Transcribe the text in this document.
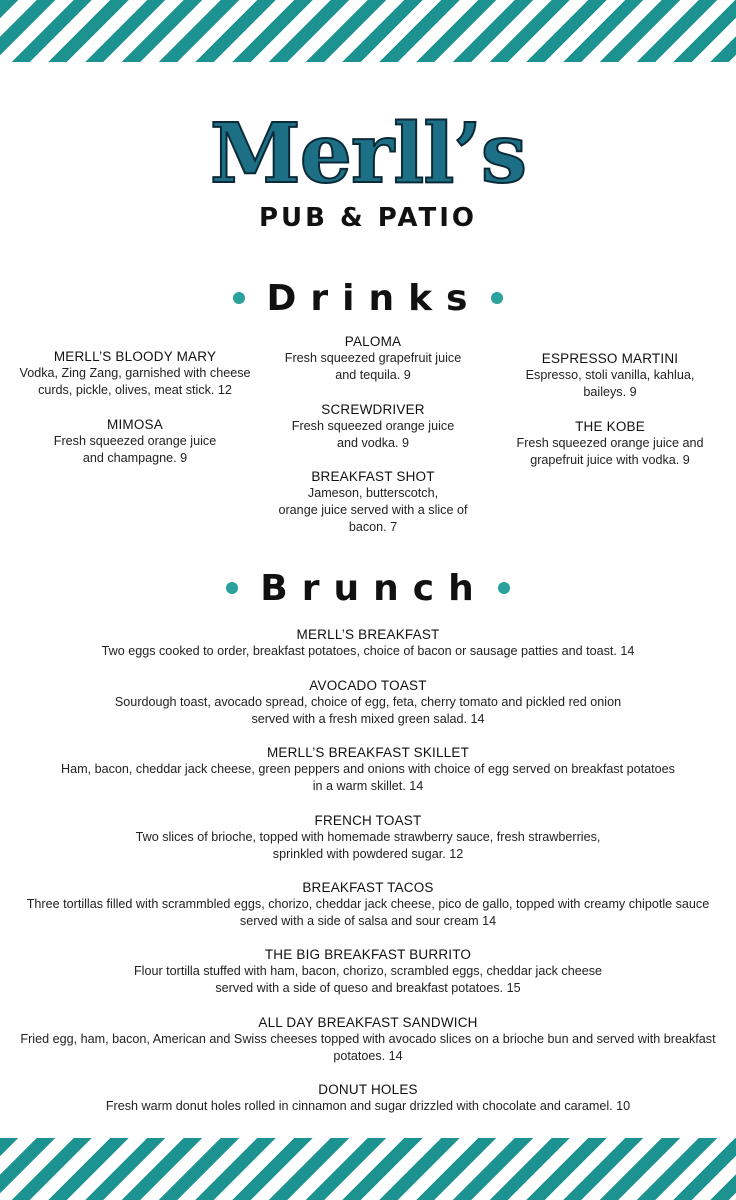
Merll’s
PUB & PATIO
Drinks
MERLL’S BLOODY MARY
Vodka, Zing Zang, garnished with cheese
curds, pickle, olives, meat stick. 12
MIMOSA
Fresh squeezed orange juice
and champagne. 9
PALOMA
Fresh squeezed grapefruit juice
and tequila. 9
SCREWDRIVER
Fresh squeezed orange juice
and vodka. 9
BREAKFAST SHOT
Jameson, butterscotch,
orange juice served with a slice of
bacon. 7
ESPRESSO MARTINI
Espresso, stoli vanilla, kahlua,
baileys. 9
THE KOBE
Fresh squeezed orange juice and
grapefruit juice with vodka. 9
Brunch
MERLL’S BREAKFAST
Two eggs cooked to order, breakfast potatoes, choice of bacon or sausage patties and toast. 14
AVOCADO TOAST
Sourdough toast, avocado spread, choice of egg, feta, cherry tomato and pickled red onion
served with a fresh mixed green salad. 14
MERLL’S BREAKFAST SKILLET
Ham, bacon, cheddar jack cheese, green peppers and onions with choice of egg served on breakfast potatoes
in a warm skillet. 14
FRENCH TOAST
Two slices of brioche, topped with homemade strawberry sauce, fresh strawberries,
sprinkled with powdered sugar. 12
BREAKFAST TACOS
Three tortillas filled with scrammbled eggs, chorizo, cheddar jack cheese, pico de gallo, topped with creamy chipotle sauce
served with a side of salsa and sour cream 14
THE BIG BREAKFAST BURRITO
Flour tortilla stuffed with ham, bacon, chorizo, scrambled eggs, cheddar jack cheese
served with a side of queso and breakfast potatoes. 15
ALL DAY BREAKFAST SANDWICH
Fried egg, ham, bacon, American and Swiss cheeses topped with avocado slices on a brioche bun and served with breakfast
potatoes. 14
DONUT HOLES
Fresh warm donut holes rolled in cinnamon and sugar drizzled with chocolate and caramel. 10
